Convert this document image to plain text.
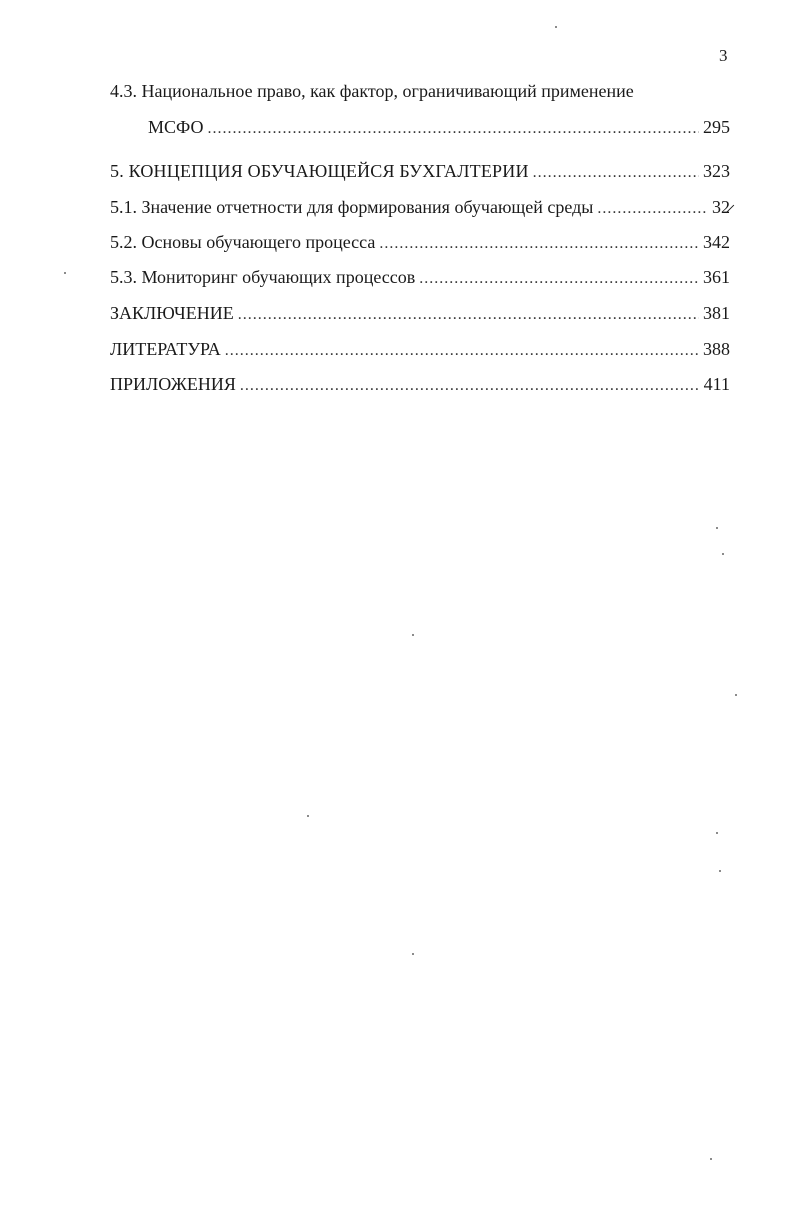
3
4.3. Национальное право, как фактор, ограничивающий применение
МСФО .....	295
5. КОНЦЕПЦИЯ ОБУЧАЮЩЕЙСЯ БУХГАЛТЕРИИ .....	323
5.1. Значение отчетности для формирования обучающей среды .....	32̷
5.2. Основы обучающего процесса .....	342
5.3. Мониторинг обучающих процессов .....	361
ЗАКЛЮЧЕНИЕ .....	381
ЛИТЕРАТУРА .....	388
ПРИЛОЖЕНИЯ .....	411
